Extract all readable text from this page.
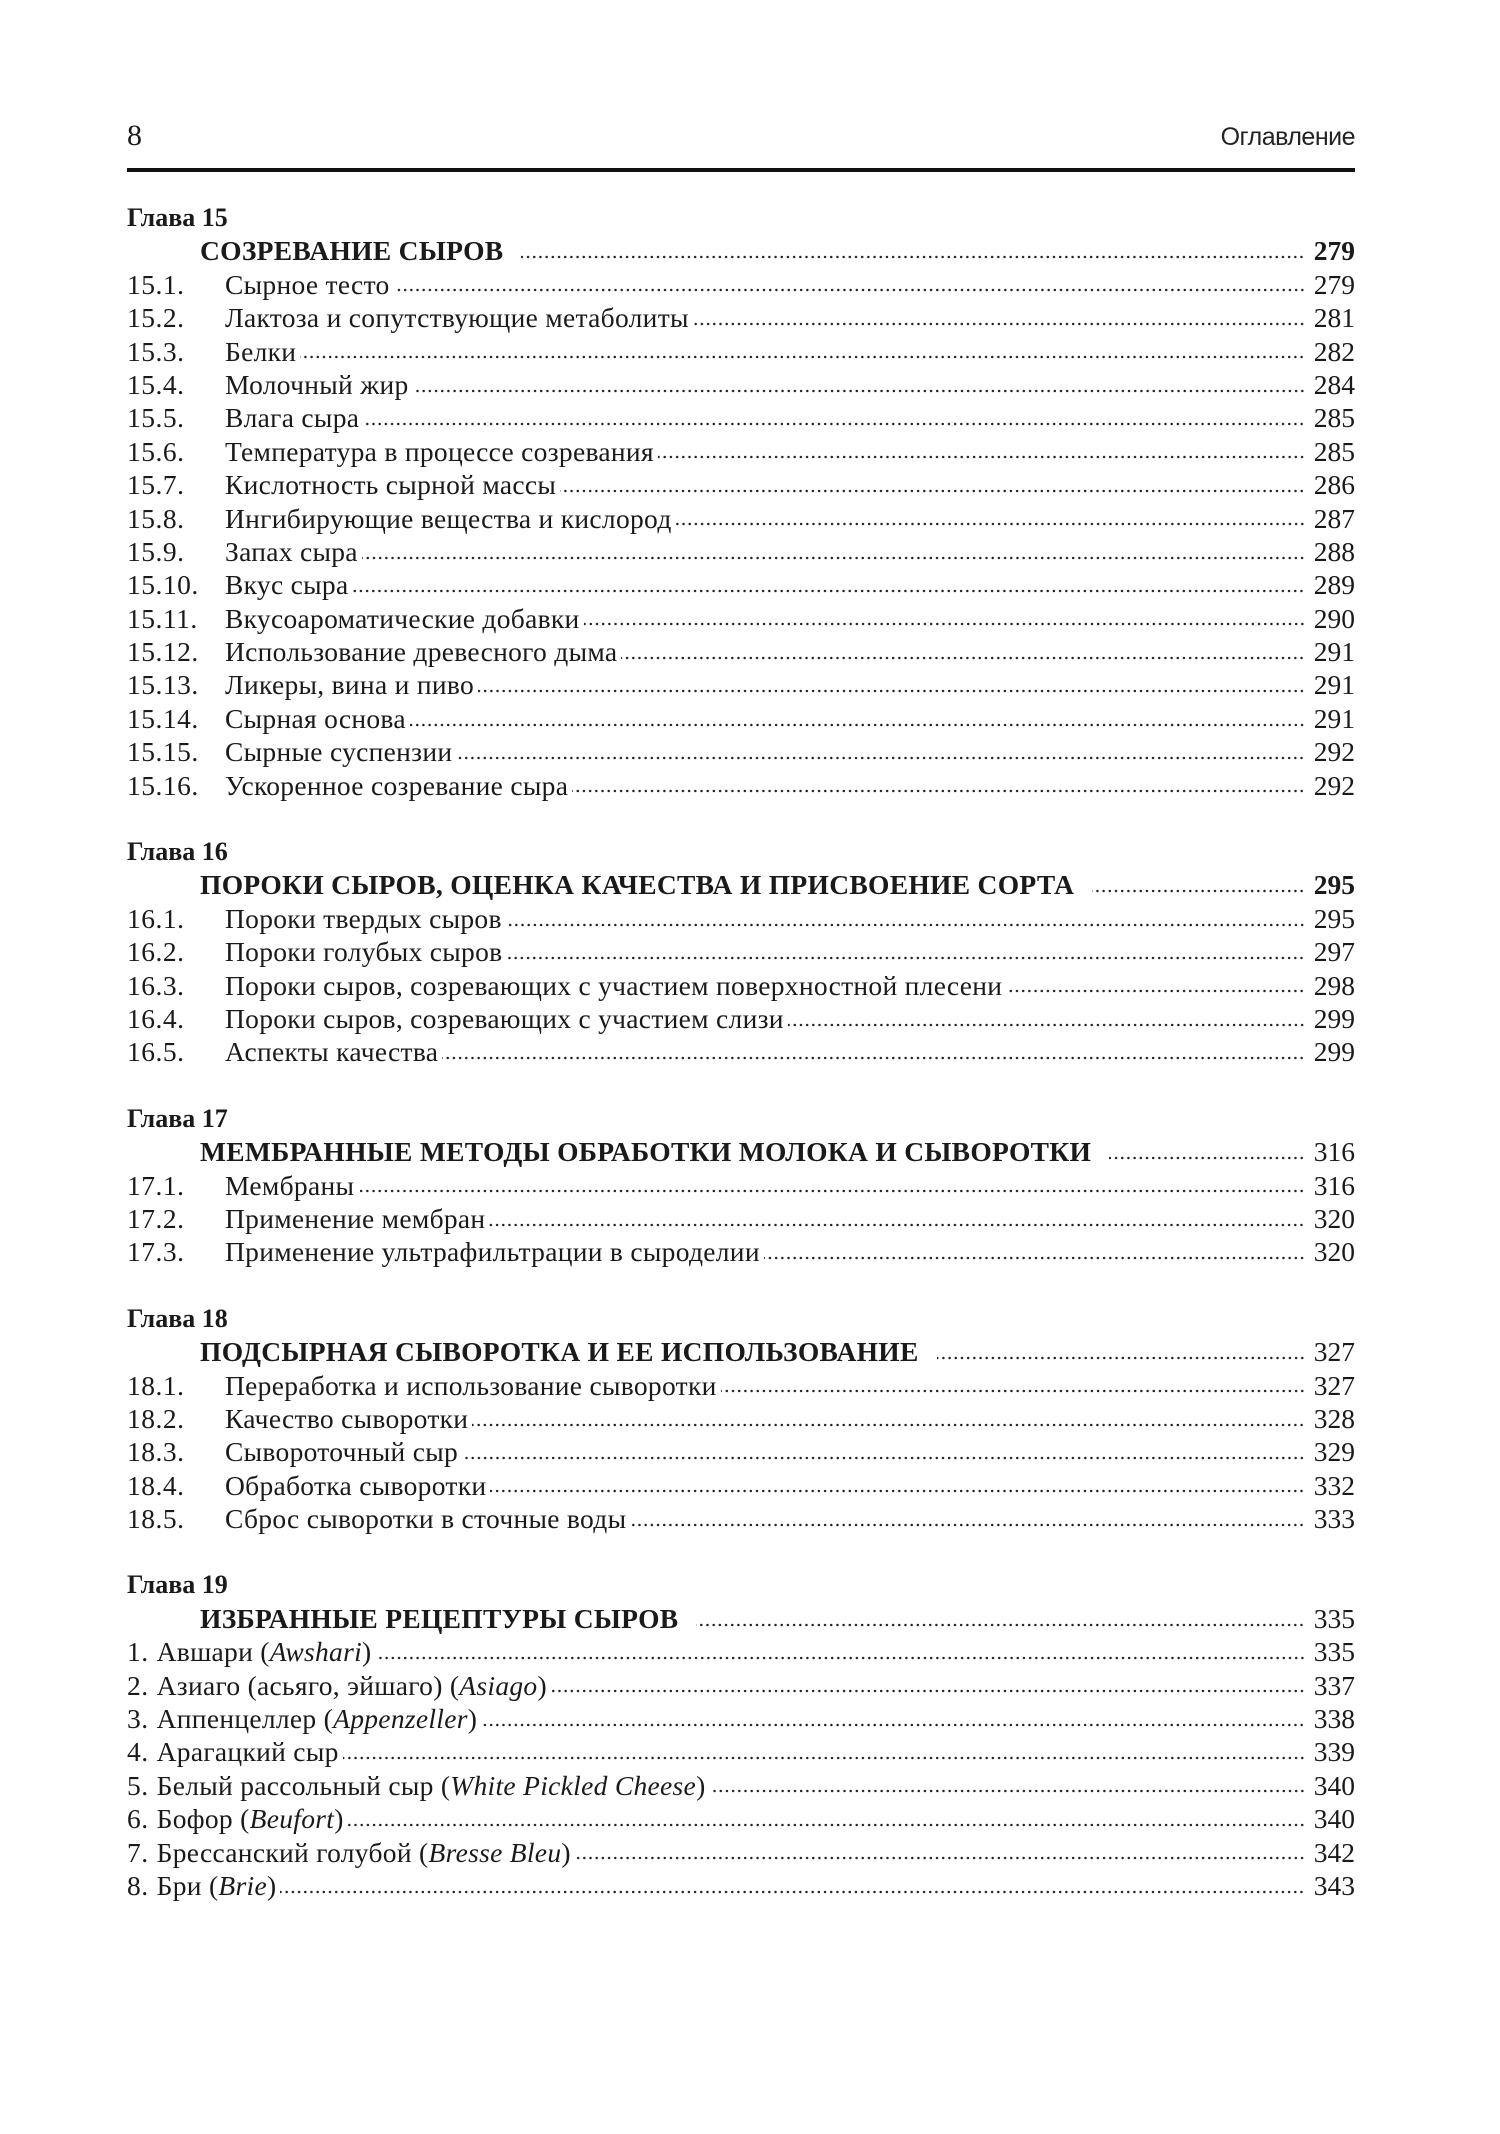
8	Оглавление
Глава 15
СОЗРЕВАНИЕ СЫРОВ	279
15.1.	Сырное тесто	279
15.2.	Лактоза и сопутствующие метаболиты	281
15.3.	Белки	282
15.4.	Молочный жир	284
15.5.	Влага сыра	285
15.6.	Температура в процессе созревания	285
15.7.	Кислотность сырной массы	286
15.8.	Ингибирующие вещества и кислород	287
15.9.	Запах сыра	288
15.10. Вкус сыра	289
15.11. Вкусоароматические добавки	290
15.12. Использование древесного дыма	291
15.13. Ликеры, вина и пиво	291
15.14. Сырная основа	291
15.15. Сырные суспензии	292
15.16. Ускоренное созревание сыра	292
Глава 16
ПОРОКИ СЫРОВ, ОЦЕНКА КАЧЕСТВА И ПРИСВОЕНИЕ СОРТА	295
16.1.	Пороки твердых сыров	295
16.2.	Пороки голубых сыров	297
16.3.	Пороки сыров, созревающих с участием поверхностной плесени	298
16.4.	Пороки сыров, созревающих с участием слизи	299
16.5.	Аспекты качества	299
Глава 17
МЕМБРАННЫЕ МЕТОДЫ ОБРАБОТКИ МОЛОКА И СЫВОРОТКИ	316
17.1.	Мембраны	316
17.2.	Применение мембран	320
17.3.	Применение ультрафильтрации в сыроделии	320
Глава 18
ПОДСЫРНАЯ СЫВОРОТКА И ЕЕ ИСПОЛЬЗОВАНИЕ	327
18.1.	Переработка и использование сыворотки	327
18.2.	Качество сыворотки	328
18.3.	Сывороточный сыр	329
18.4.	Обработка сыворотки	332
18.5.	Сброс сыворотки в сточные воды	333
Глава 19
ИЗБРАННЫЕ РЕЦЕПТУРЫ СЫРОВ	335
1. Авшари (Awshari)	335
2. Азиаго (асьяго, эйшаго) (Asiago)	337
3. Аппенцеллер (Appenzeller)	338
4. Арагацкий сыр	339
5. Белый рассольный сыр (White Pickled Cheese)	340
6. Бофор (Beufort)	340
7. Брессанский голубой (Bresse Bleu)	342
8. Бри (Brie)	343
